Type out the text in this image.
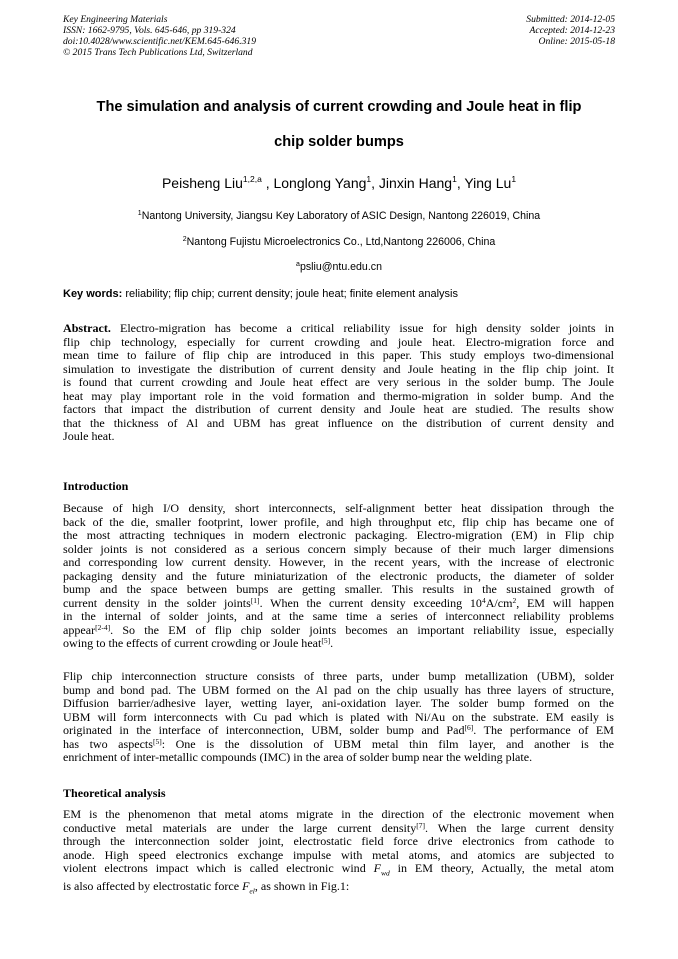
Key Engineering Materials
ISSN: 1662-9795, Vols. 645-646, pp 319-324
doi:10.4028/www.scientific.net/KEM.645-646.319
© 2015 Trans Tech Publications Ltd, Switzerland
Submitted: 2014-12-05
Accepted: 2014-12-23
Online: 2015-05-18
The simulation and analysis of current crowding and Joule heat in flip
chip solder bumps
Peisheng Liu$^{1,2,a}$ , Longlong Yang$^1$, Jinxin Hang$^1$, Ying Lu$^1$
$^1$Nantong University, Jiangsu Key Laboratory of ASIC Design, Nantong 226019, China
$^2$Nantong Fujistu Microelectronics Co., Ltd,Nantong 226006, China
$^a$psliu@ntu.edu.cn
Key words: reliability; flip chip; current density; joule heat; finite element analysis
Abstract. Electro-migration has become a critical reliability issue for high density solder joints in
flip chip technology, especially for current crowding and joule heat. Electro-migration force and
mean time to failure of flip chip are introduced in this paper. This study employs two-dimensional
simulation to investigate the distribution of current density and Joule heating in the flip chip joint. It
is found that current crowding and Joule heat effect are very serious in the solder bump. The Joule
heat may play important role in the void formation and thermo-migration in solder bump. And the
factors that impact the distribution of current density and Joule heat are studied. The results show
that the thickness of Al and UBM has great influence on the distribution of current density and
Joule heat.
Introduction
Because of high I/O density, short interconnects, self-alignment better heat dissipation through the
back of the die, smaller footprint, lower profile, and high throughput etc, flip chip has became one of
the most attracting techniques in modern electronic packaging. Electro-migration (EM) in Flip chip
solder joints is not considered as a serious concern simply because of their much larger dimensions
and corresponding low current density. However, in the recent years, with the increase of electronic
packaging density and the future miniaturization of the electronic products, the diameter of solder
bump and the space between bumps are getting smaller. This results in the sustained growth of
current density in the solder joints[1]. When the current density exceeding $10^4A/cm^2$, EM will happen
in the internal of solder joints, and at the same time a series of interconnect reliability problems
appear[2-4]. So the EM of flip chip solder joints becomes an important reliability issue, especially
owing to the effects of current crowding or Joule heat[5].
Flip chip interconnection structure consists of three parts, under bump metallization (UBM), solder
bump and bond pad. The UBM formed on the Al pad on the chip usually has three layers of structure,
Diffusion barrier/adhesive layer, wetting layer, ani-oxidation layer. The solder bump formed on the
UBM will form interconnects with Cu pad which is plated with Ni/Au on the substrate. EM easily is
originated in the interface of interconnection, UBM, solder bump and Pad[6]. The performance of EM
has two aspects[5]: One is the dissolution of UBM metal thin film layer, and another is the
enrichment of inter-metallic compounds (IMC) in the area of solder bump near the welding plate.
Theoretical analysis
EM is the phenomenon that metal atoms migrate in the direction of the electronic movement when
conductive metal materials are under the large current density[7]. When the large current density
through the interconnection solder joint, electrostatic field force drive electronics from cathode to
anode. High speed electronics exchange impulse with metal atoms, and atomics are subjected to
violent electrons impact which is called electronic wind $F_{wd}$ in EM theory, Actually, the metal atom
is also affected by electrostatic force $F_{el}$, as shown in Fig.1:
